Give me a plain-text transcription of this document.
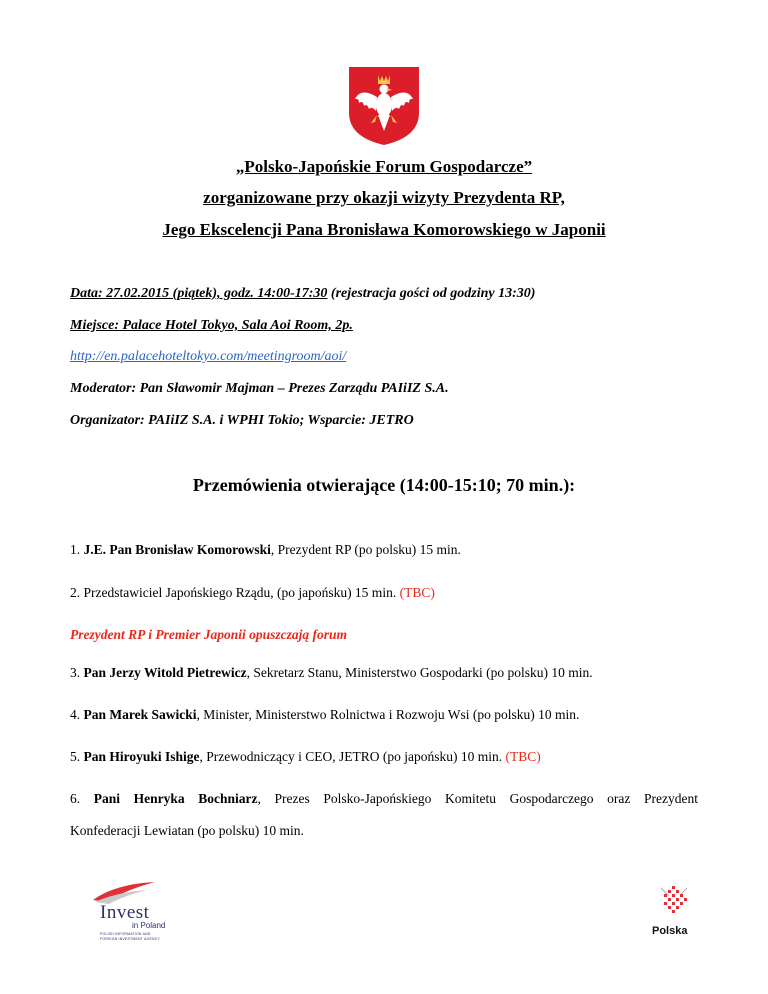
„Polsko-Japońskie Forum Gospodarcze”
zorganizowane przy okazji wizyty Prezydenta RP,
Jego Ekscelencji Pana Bronisława Komorowskiego w Japonii
Data: 27.02.2015 (piątek), godz. 14:00-17:30 (rejestracja gości od godziny 13:30)
Miejsce: Palace Hotel Tokyo, Sala Aoi Room, 2p.
http://en.palacehoteltokyo.com/meetingroom/aoi/
Moderator: Pan Sławomir Majman – Prezes Zarządu PAIiIZ S.A.
Organizator: PAIiIZ S.A. i WPHI Tokio; Wsparcie: JETRO
Przemówienia otwierające (14:00-15:10; 70 min.):
1. J.E. Pan Bronisław Komorowski, Prezydent RP (po polsku) 15 min.
2. Przedstawiciel Japońskiego Rządu, (po japońsku) 15 min. (TBC)
Prezydent RP i Premier Japonii opuszczają forum
3. Pan Jerzy Witold Pietrewicz, Sekretarz Stanu, Ministerstwo Gospodarki (po polsku) 10 min.
4. Pan Marek Sawicki, Minister, Ministerstwo Rolnictwa i Rozwoju Wsi (po polsku) 10 min.
5. Pan Hiroyuki Ishige, Przewodniczący i CEO, JETRO (po japońsku) 10 min. (TBC)
6. Pani Henryka Bochniarz, Prezes Polsko-Japońskiego Komitetu Gospodarczego oraz Prezydent
Konfederacji Lewiatan (po polsku) 10 min.
Invest
in Poland
POLISH INFORMATION AND
FOREIGN INVESTMENT AGENCY
Polska
